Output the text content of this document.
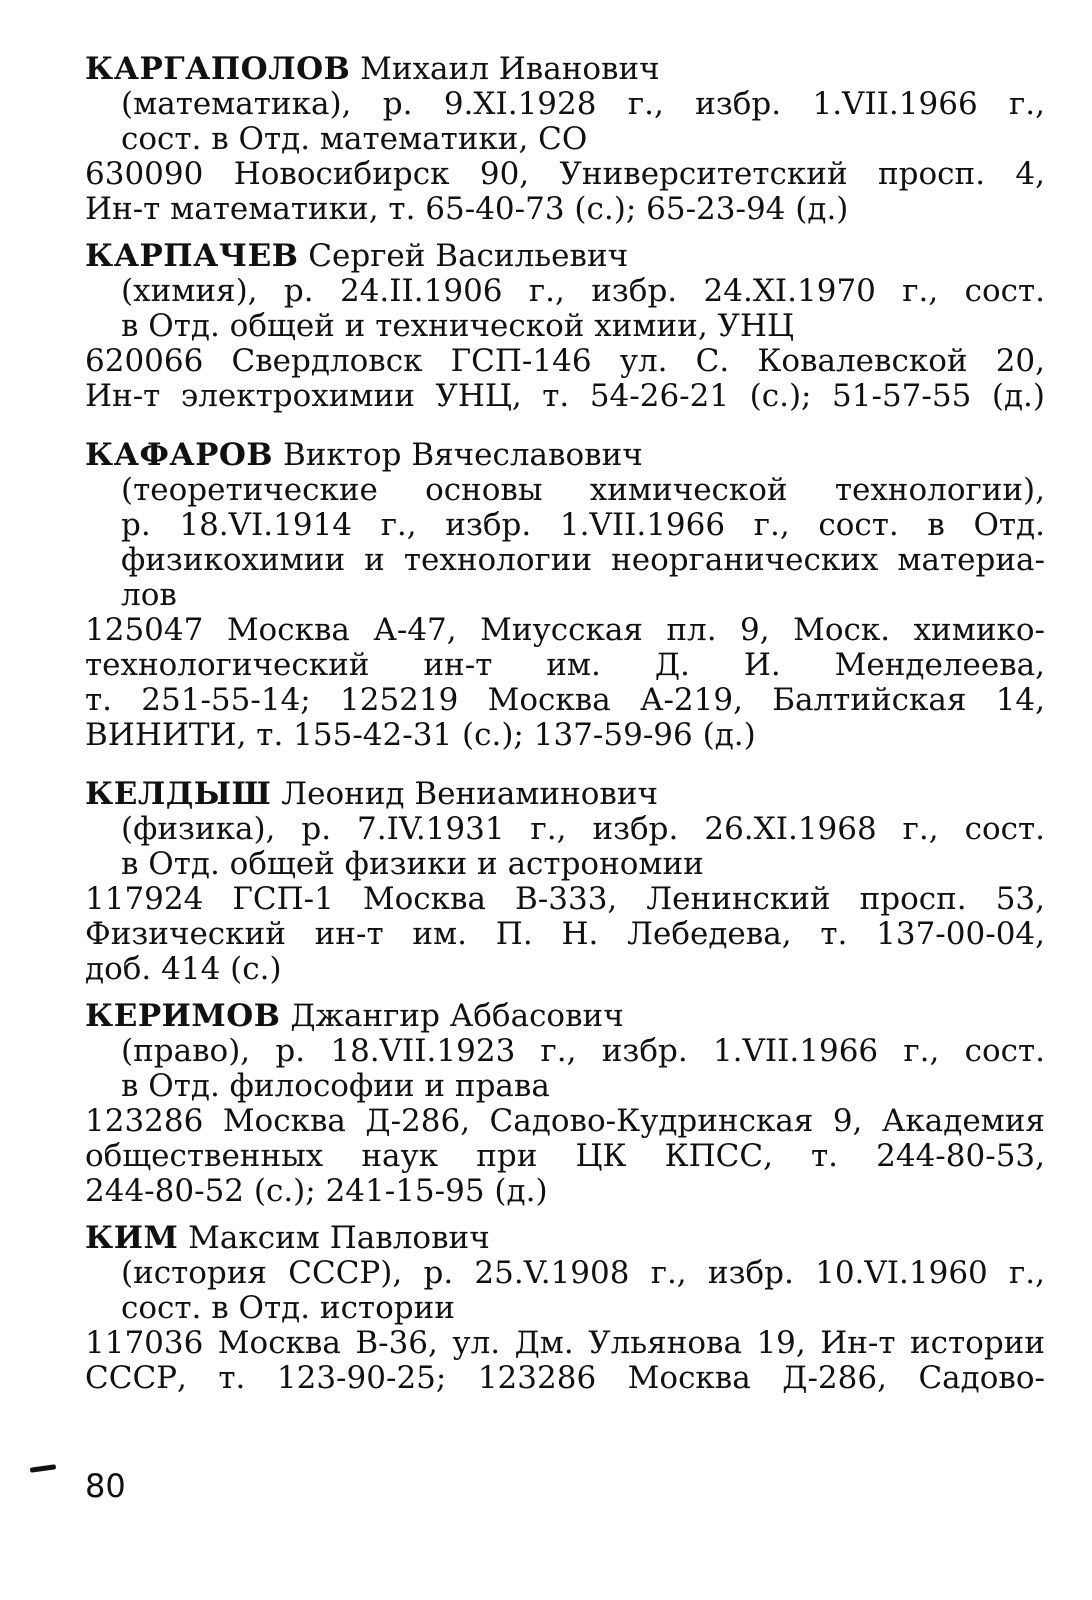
КАРГАПОЛОВ Михаил Иванович
(математика), р. 9.XI.1928 г., избр. 1.VII.1966 г.,
сост. в Отд. математики, СО
630090 Новосибирск 90, Университетский просп. 4,
Ин-т математики, т. 65-40-73 (с.); 65-23-94 (д.)
КАРПАЧЕВ Сергей Васильевич
(химия), р. 24.II.1906 г., избр. 24.XI.1970 г., сост.
в Отд. общей и технической химии, УНЦ
620066 Свердловск ГСП-146 ул. С. Ковалевской 20,
Ин-т электрохимии УНЦ, т. 54-26-21 (с.); 51-57-55 (д.)
КАФАРОВ Виктор Вячеславович
(теоретические основы химической технологии),
р. 18.VI.1914 г., избр. 1.VII.1966 г., сост. в Отд.
физикохимии и технологии неорганических материа-
лов
125047 Москва А-47, Миусская пл. 9, Моск. химико-
технологический ин-т им. Д. И. Менделеева,
т. 251-55-14; 125219 Москва А-219, Балтийская 14,
ВИНИТИ, т. 155-42-31 (с.); 137-59-96 (д.)
КЕЛДЫШ Леонид Вениаминович
(физика), р. 7.IV.1931 г., избр. 26.XI.1968 г., сост.
в Отд. общей физики и астрономии
117924 ГСП-1 Москва В-333, Ленинский просп. 53,
Физический ин-т им. П. Н. Лебедева, т. 137-00-04,
доб. 414 (с.)
КЕРИМОВ Джангир Аббасович
(право), р. 18.VII.1923 г., избр. 1.VII.1966 г., сост.
в Отд. философии и права
123286 Москва Д-286, Садово-Кудринская 9, Академия
общественных наук при ЦК КПСС, т. 244-80-53,
244-80-52 (с.); 241-15-95 (д.)
КИМ Максим Павлович
(история СССР), р. 25.V.1908 г., избр. 10.VI.1960 г.,
сост. в Отд. истории
117036 Москва В-36, ул. Дм. Ульянова 19, Ин-т истории
СССР, т. 123-90-25; 123286 Москва Д-286, Садово-
80
